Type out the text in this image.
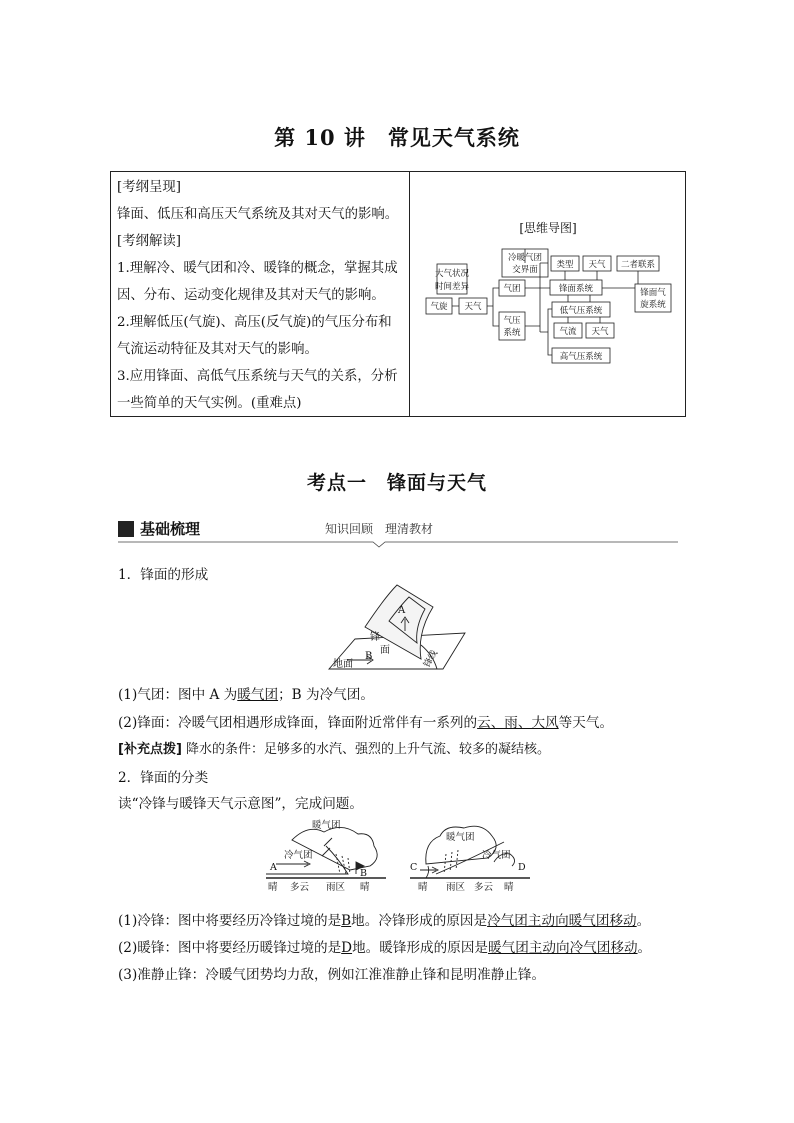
第 10 讲　常见天气系统
[考纲呈现]
锋面、低压和高压天气系统及其对天气的影响。
[考纲解读]
1.理解冷、暖气团和冷、暖锋的概念，掌握其成
因、分布、运动变化规律及其对天气的影响。
2.理解低压(气旋)、高压(反气旋)的气压分布和
气流运动特征及其对天气的影响。
3.应用锋面、高低气压系统与天气的关系，分析
一些简单的天气实例。(重难点)
[思维导图]
大气状况
时间差异
气旋 天气
冷暖气团
交界面
气团
气压
系统
类型 天气
锋面系统
低气压系统
气流 天气
高气压系统
二者联系
锋面气
旋系统
考点一　锋面与天气
基础梳理	知识回顾　理清教材
1．锋面的形成
A
B
锋
面
地面	锋线
(1)气团：图中 A 为暖气团；B 为冷气团。
(2)锋面：冷暖气团相遇形成锋面，锋面附近常伴有一系列的云、雨、大风等天气。
[补充点拨] 降水的条件：足够多的水汽、强烈的上升气流、较多的凝结核。
2．锋面的分类
读“冷锋与暖锋天气示意图”，完成问题。
暖气团
冷气团
A
B
晴 多云 雨区 晴
暖气团
冷气团
C	D
晴 雨区 多云 晴
(1)冷锋：图中将要经历冷锋过境的是B地。冷锋形成的原因是冷气团主动向暖气团移动。
(2)暖锋：图中将要经历暖锋过境的是D地。暖锋形成的原因是暖气团主动向冷气团移动。
(3)准静止锋：冷暖气团势均力敌，例如江淮准静止锋和昆明准静止锋。
